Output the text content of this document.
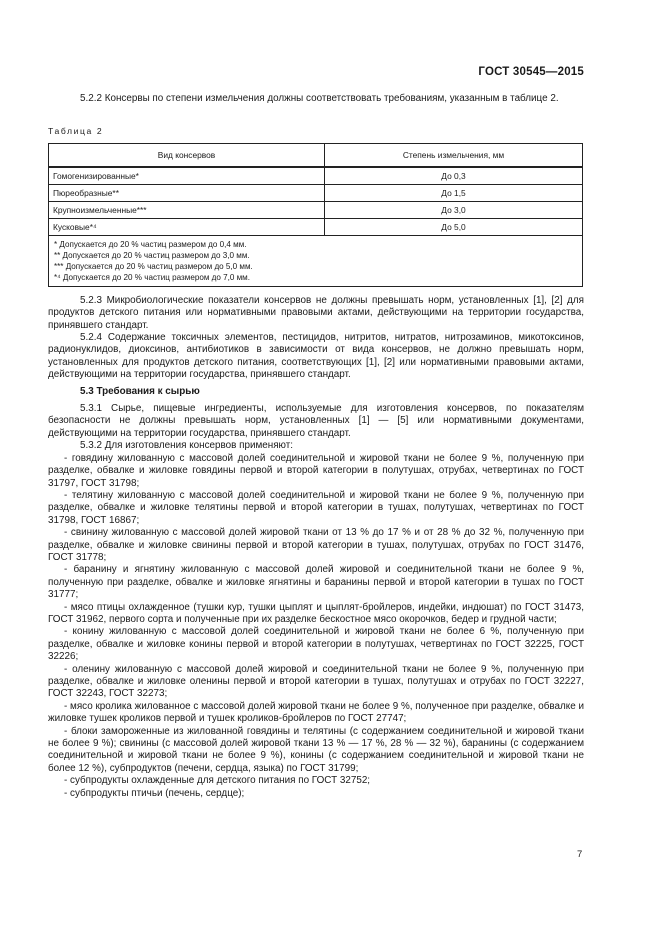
ГОСТ 30545—2015

5.2.2 Консервы по степени измельчения должны соответствовать требованиям, указанным в таблице 2.

Таблица 2
Вид консервов	Степень измельчения, мм
Гомогенизированные*	До 0,3
Пюреобразные**	До 1,5
Крупноизмельченные***	До 3,0
Кусковые*⁴	До 5,0

* Допускается до 20 % частиц размером до 0,4 мм.
** Допускается до 20 % частиц размером до 3,0 мм.
*** Допускается до 20 % частиц размером до 5,0 мм.
*⁴ Допускается до 20 % частиц размером до 7,0 мм.	

5.2.3 Микробиологические показатели консервов не должны превышать норм, установленных [1], [2] для продуктов детского питания или нормативными правовыми актами, действующими на территории государства, принявшего стандарт.

5.2.4 Содержание токсичных элементов, пестицидов, нитритов, нитратов, нитрозаминов, микотоксинов, радионуклидов, диоксинов, антибиотиков в зависимости от вида консервов, не должно превышать норм, установленных для продуктов детского питания, соответствующих [1], [2] или нормативными правовыми актами, действующими на территории государства, принявшего стандарт.

5.3 Требования к сырью

5.3.1 Сырье, пищевые ингредиенты, используемые для изготовления консервов, по показателям безопасности не должны превышать норм, установленных [1] — [5] или нормативными документами, действующими на территории государства, принявшего стандарт.

5.3.2 Для изготовления консервов применяют:

- говядину жилованную с массовой долей соединительной и жировой ткани не более 9 %, полученную при разделке, обвалке и жиловке говядины первой и второй категории в полутушах, отрубах, четвертинах по ГОСТ 31797, ГОСТ 31798;

- телятину жилованную с массовой долей соединительной и жировой ткани не более 9 %, полученную при разделке, обвалке и жиловке телятины первой и второй категории в тушах, полутушах, четвертинах по ГОСТ 31798, ГОСТ 16867;

- свинину жилованную с массовой долей жировой ткани от 13 % до 17 % и от 28 % до 32 %, полученную при разделке, обвалке и жиловке свинины первой и второй категории в тушах, полутушах, отрубах по ГОСТ 31476, ГОСТ 31778;

- баранину и ягнятину жилованную с массовой долей жировой и соединительной ткани не более 9 %, полученную при разделке, обвалке и жиловке ягнятины и баранины первой и второй категории в тушах по ГОСТ 31777;

- мясо птицы охлажденное (тушки кур, тушки цыплят и цыплят-бройлеров, индейки, индюшат) по ГОСТ 31473, ГОСТ 31962, первого сорта и полученные при их разделке бескостное мясо окорочков, бедер и грудной части;

- конину жилованную с массовой долей соединительной и жировой ткани не более 6 %, полученную при разделке, обвалке и жиловке конины первой и второй категории в полутушах, четвертинах по ГОСТ 32225, ГОСТ 32226;

- оленину жилованную с массовой долей жировой и соединительной ткани не более 9 %, полученную при разделке, обвалке и жиловке оленины первой и второй категории в тушах, полутушах и отрубах по ГОСТ 32227, ГОСТ 32243, ГОСТ 32273;

- мясо кролика жилованное с массовой долей жировой ткани не более 9 %, полученное при разделке, обвалке и жиловке тушек кроликов первой и тушек кроликов-бройлеров по ГОСТ 27747;

- блоки замороженные из жилованной говядины и телятины (с содержанием соединительной и жировой ткани не более 9 %); свинины (с массовой долей жировой ткани 13 % — 17 %, 28 % — 32 %), баранины (с содержанием соединительной и жировой ткани не более 9 %), конины (с содержанием соединительной и жировой ткани не более 12 %), субпродуктов (печени, сердца, языка) по ГОСТ 31799;

- субпродукты охлажденные для детского питания по ГОСТ 32752;

- субпродукты птичьи (печень, сердце);

7
